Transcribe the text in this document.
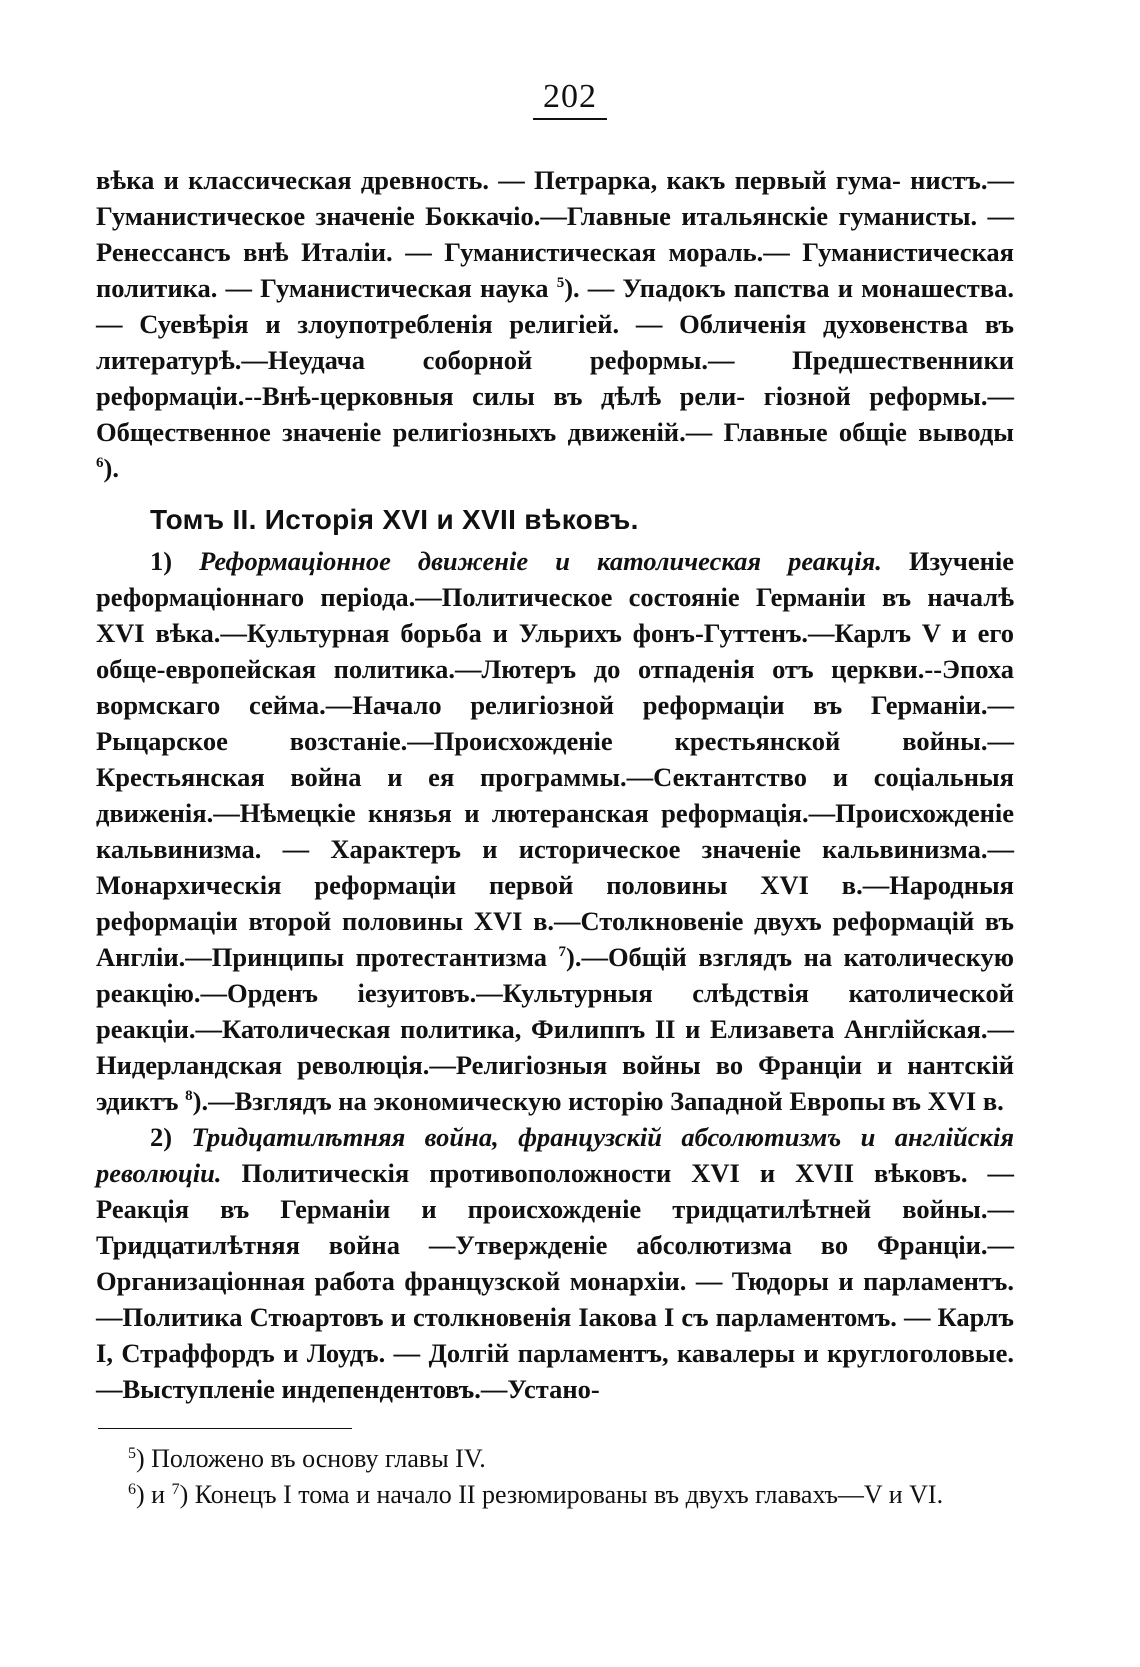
202
вѣка и классическая древность. — Петрарка, какъ первый гума- нистъ.—Гуманистическое значеніе Боккачіо.—Главные итальянскіе гуманисты. — Ренессансъ внѣ Италіи. — Гуманистическая мораль.— Гуманистическая политика. — Гуманистическая наука $^5$). — Упадокъ папства и монашества. — Суевѣрія и злоупотребленія религіей. — Обличенія духовенства въ литературѣ.—Неудача соборной реформы.— Предшественники реформаціи.--Внѣ-церковныя силы въ дѣлѣ рели- гіозной реформы.—Общественное значеніе религіозныхъ движеній.— Главные общіе выводы $^6$).
Томъ II. Исторія XVI и XVII вѣковъ.

1) Реформаціонное движеніе и католическая реакція. Изученіе реформаціоннаго періода.—Политическое состояніе Германіи въ началѣ XVI вѣка.—Культурная борьба и Ульрихъ фонъ-Гуттенъ.—Карлъ V и его обще-европейская политика.—Лютеръ до отпаденія отъ церкви.--Эпоха вормскаго сейма.—Начало религіозной реформаціи въ Германіи.—Рыцарское возстаніе.—Происхожденіе крестьянской войны.—Крестьянская война и ея программы.—Сектантство и соціальныя движенія.—Нѣмецкіе князья и лютеранская реформація.—Происхожденіе кальвинизма. — Характеръ и историческое значеніе кальвинизма.—Монархическія реформаціи первой половины XVI в.—Народныя реформаціи второй половины XVI в.—Столкновеніе двухъ реформацій въ Англіи.—Принципы протестантизма $^7$).—Общій взглядъ на католическую реакцію.—Орденъ іезуитовъ.—Культурныя слѣдствія католической реакціи.—Католическая политика, Филиппъ II и Елизавета Англійская.—Нидерландская революція.—Религіозныя войны во Франціи и нантскій эдиктъ $^8$).—Взглядъ на экономическую исторію Западной Европы въ XVI в.

2) Тридцатилѣтняя война, французскій абсолютизмъ и англійскія революціи. Политическія противоположности XVI и XVII вѣковъ. — Реакція въ Германіи и происхожденіе тридцатилѣтней войны.—Тридцатилѣтняя война —Утвержденіе абсолютизма во Франціи.—Организаціонная работа французской монархіи. — Тюдоры и парламентъ.—Политика Стюартовъ и столкновенія Іакова I съ парламентомъ. — Карлъ I, Страффордъ и Лоудъ. — Долгій парламентъ, кавалеры и круглоголовые.—Выступленіе индепендентовъ.—Устано-

$^5$) Положено въ основу главы IV.

$^6$) и $^7$) Конецъ I тома и начало II резюмированы въ двухъ главахъ—V и VI.
